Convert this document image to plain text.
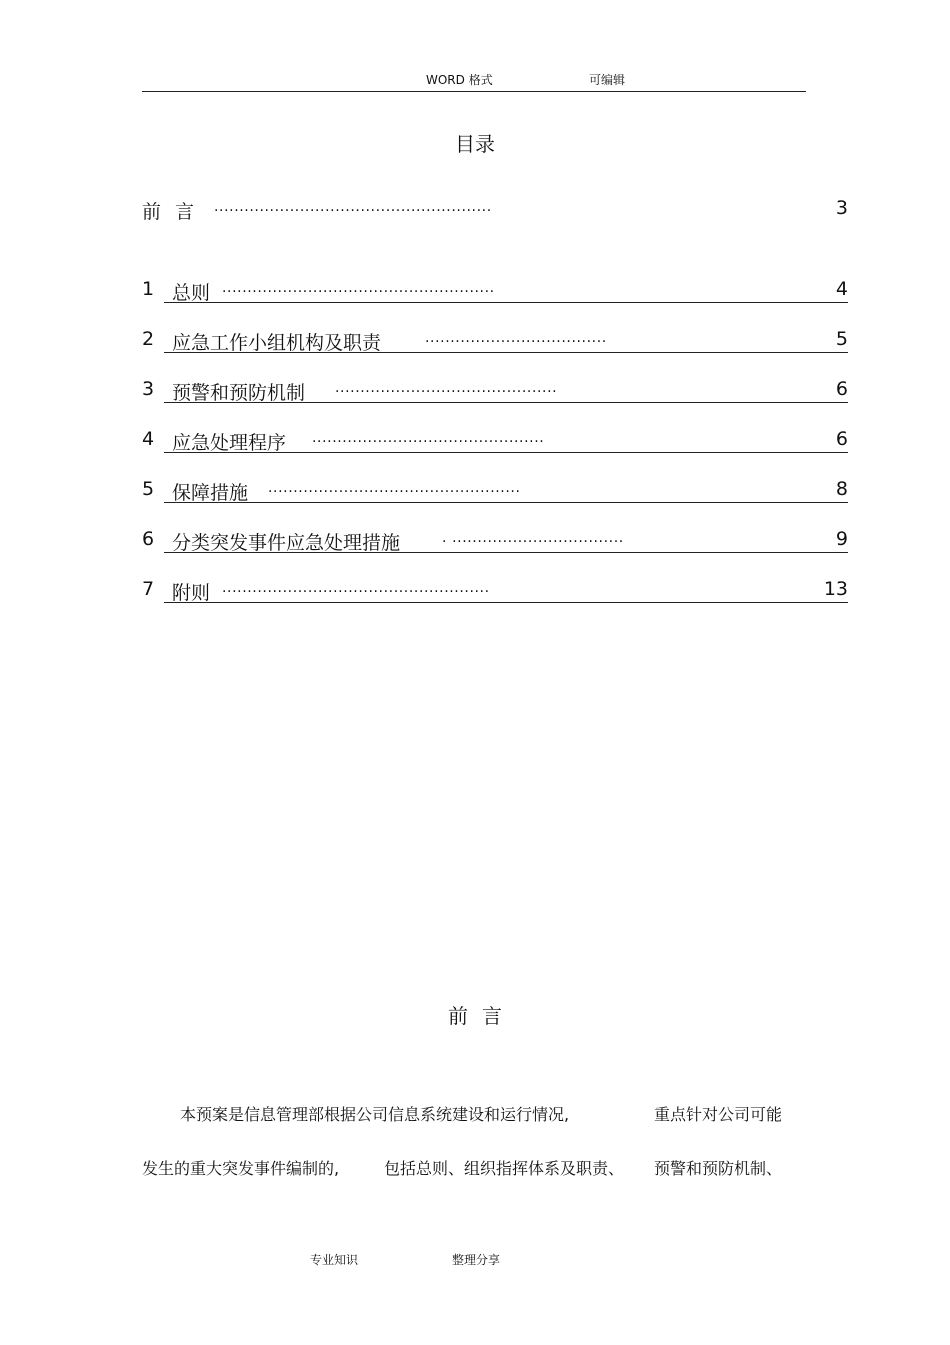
WORD 格式	可编辑
目录
前 言 .......................................................	3
1 总则 ......................................................	4
2 应急工作小组机构及职责	....................................	5
3 预警和预防机制 ............................................	6
4 应急处理程序 ..............................................	6
5 保障措施 ..................................................	8
6 分类突发事件应急处理措施	. ..................................	9
7 附则 .....................................................	13
前言
本预案是信息管理部根据公司信息系统建设和运行情况,	重点针对公司可能
发生的重大突发事件编制的,	包括总则、组织指挥体系及职责、 预警和预防机制、
专业知识	整理分享
